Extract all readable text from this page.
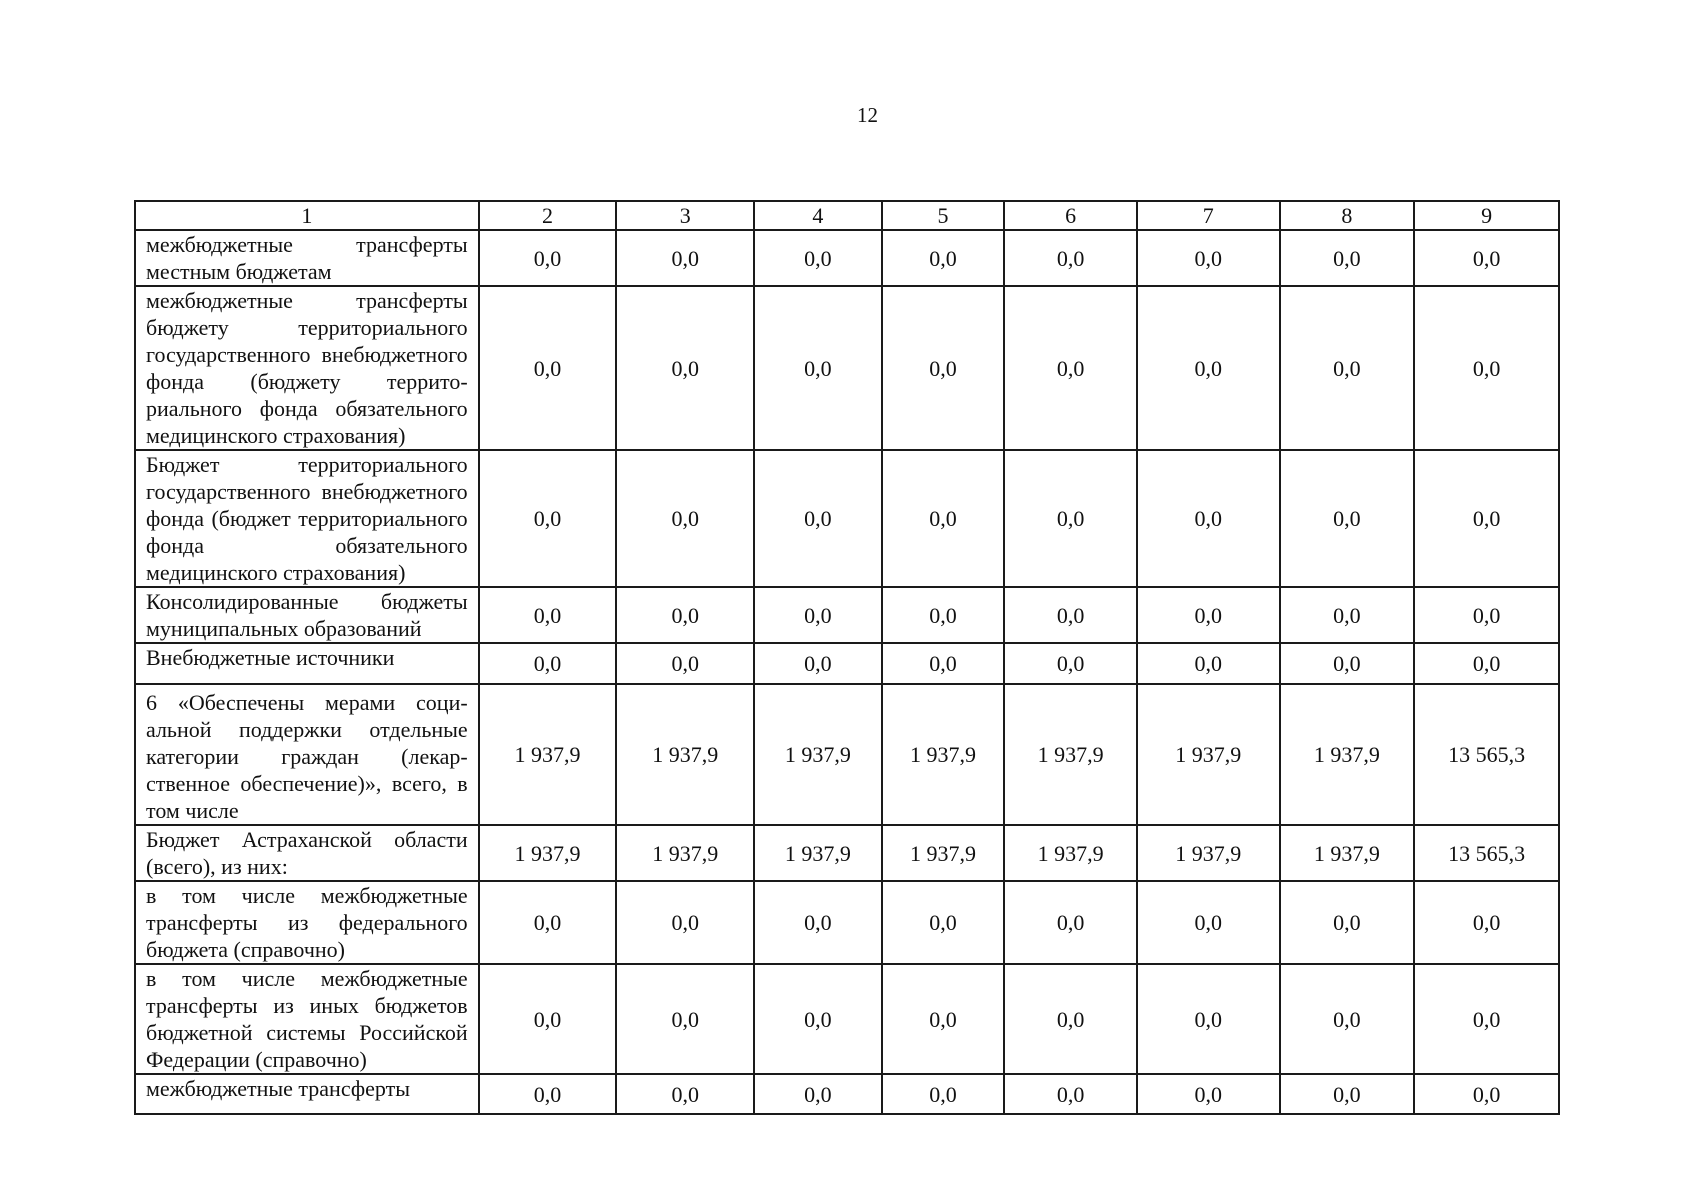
12
1	2	3	4	5	6	7	8	9
межбюджетные трансферты местным бюджетам	0,0	0,0	0,0	0,0	0,0	0,0	0,0	0,0
межбюджетные трансферты бюджету территориального государственного внебюджетного фонда (бюджету территориального фонда обязательного медицинского страхования)	0,0	0,0	0,0	0,0	0,0	0,0	0,0	0,0
Бюджет территориального государственного внебюджетного фонда (бюджет территориального фонда обязательного медицинского страхования)	0,0	0,0	0,0	0,0	0,0	0,0	0,0	0,0
Консолидированные бюджеты муниципальных образований	0,0	0,0	0,0	0,0	0,0	0,0	0,0	0,0
Внебюджетные источники	0,0	0,0	0,0	0,0	0,0	0,0	0,0	0,0
6 «Обеспечены мерами социальной поддержки отдельные категории граждан (лекарственное обеспечение)», всего, в том числе	1 937,9	1 937,9	1 937,9	1 937,9	1 937,9	1 937,9	1 937,9	13 565,3
Бюджет Астраханской области (всего), из них:	1 937,9	1 937,9	1 937,9	1 937,9	1 937,9	1 937,9	1 937,9	13 565,3
в том числе межбюджетные трансферты из федерального бюджета (справочно)	0,0	0,0	0,0	0,0	0,0	0,0	0,0	0,0
в том числе межбюджетные трансферты из иных бюджетов бюджетной системы Российской Федерации (справочно)	0,0	0,0	0,0	0,0	0,0	0,0	0,0	0,0
межбюджетные трансферты	0,0	0,0	0,0	0,0	0,0	0,0	0,0	0,0
